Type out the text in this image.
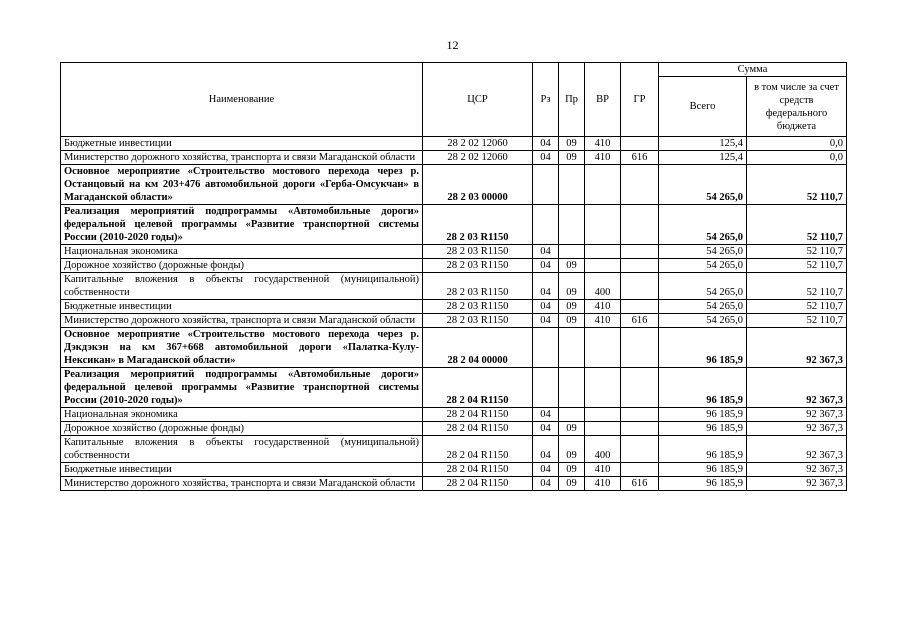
12
Наименование	ЦСР	Рз	Пр	ВР	ГР	Сумма	
						Всего	в том числе за счет средств федерального бюджета
Бюджетные инвестиции	28 2 02 12060	04	09	410		125,4	0,0
Министерство дорожного хозяйства, транспорта и связи Магаданской области	28 2 02 12060	04	09	410	616	125,4	0,0
Основное мероприятие «Строительство мостового перехода через р. Останцовый на км 203+476 автомобильной дороги «Герба-Омсукчан» в Магаданской области»	28 2 03 00000					54 265,0	52 110,7
Реализация мероприятий подпрограммы «Автомобильные дороги» федеральной целевой программы «Развитие транспортной системы России (2010-2020 годы)»	28 2 03 R1150					54 265,0	52 110,7
Национальная экономика	28 2 03 R1150	04				54 265,0	52 110,7
Дорожное хозяйство (дорожные фонды)	28 2 03 R1150	04	09			54 265,0	52 110,7
Капитальные вложения в объекты государственной (муниципальной) собственности	28 2 03 R1150	04	09	400		54 265,0	52 110,7
Бюджетные инвестиции	28 2 03 R1150	04	09	410		54 265,0	52 110,7
Министерство дорожного хозяйства, транспорта и связи Магаданской области	28 2 03 R1150	04	09	410	616	54 265,0	52 110,7
Основное мероприятие «Строительство мостового перехода через р. Дэкдэкэн на км 367+668 автомобильной дороги «Палатка-Кулу-Нексикан» в Магаданской области»	28 2 04 00000					96 185,9	92 367,3
Реализация мероприятий подпрограммы «Автомобильные дороги» федеральной целевой программы «Развитие транспортной системы России (2010-2020 годы)»	28 2 04 R1150					96 185,9	92 367,3
Национальная экономика	28 2 04 R1150	04				96 185,9	92 367,3
Дорожное хозяйство (дорожные фонды)	28 2 04 R1150	04	09			96 185,9	92 367,3
Капитальные вложения в объекты государственной (муниципальной) собственности	28 2 04 R1150	04	09	400		96 185,9	92 367,3
Бюджетные инвестиции	28 2 04 R1150	04	09	410		96 185,9	92 367,3
Министерство дорожного хозяйства, транспорта и связи Магаданской области	28 2 04 R1150	04	09	410	616	96 185,9	92 367,3
